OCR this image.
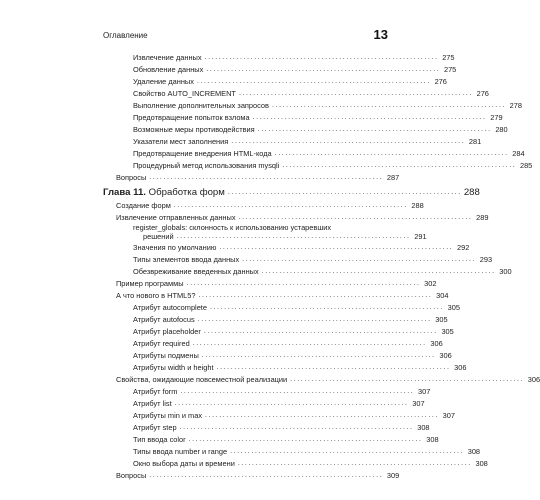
Оглавление	13
Извлечение данных .................................................................. 275
Обновление данных .................................................................. 275
Удаление данных .................................................................. 276
Свойство AUTO_INCREMENT .................................................................. 276
Выполнение дополнительных запросов .................................................................. 278
Предотвращение попыток взлома .................................................................. 279
Возможные меры противодействия .................................................................. 280
Указатели мест заполнения .................................................................. 281
Предотвращение внедрения HTML-кода .................................................................. 284
Процедурный метод использования mysqli .................................................................. 285
Вопросы .................................................................. 287
Глава 11. Обработка форм .................................................................. 288
Создание форм .................................................................. 288
Извлечение отправленных данных .................................................................. 289
register_globals: склонность к использованию устаревших
решений .................................................................. 291
Значения по умолчанию .................................................................. 292
Типы элементов ввода данных .................................................................. 293
Обезвреживание введенных данных .................................................................. 300
Пример программы .................................................................. 302
А что нового в HTML5? .................................................................. 304
Атрибут autocomplete .................................................................. 305
Атрибут autofocus .................................................................. 305
Атрибут placeholder .................................................................. 305
Атрибут required .................................................................. 306
Атрибуты подмены .................................................................. 306
Атрибуты width и height .................................................................. 306
Свойства, ожидающие повсеместной реализации .................................................................. 306
Атрибут form .................................................................. 307
Атрибут list .................................................................. 307
Атрибуты min и max .................................................................. 307
Атрибут step .................................................................. 308
Тип ввода color .................................................................. 308
Типы ввода number и range .................................................................. 308
Окно выбора даты и времени .................................................................. 308
Вопросы .................................................................. 309
